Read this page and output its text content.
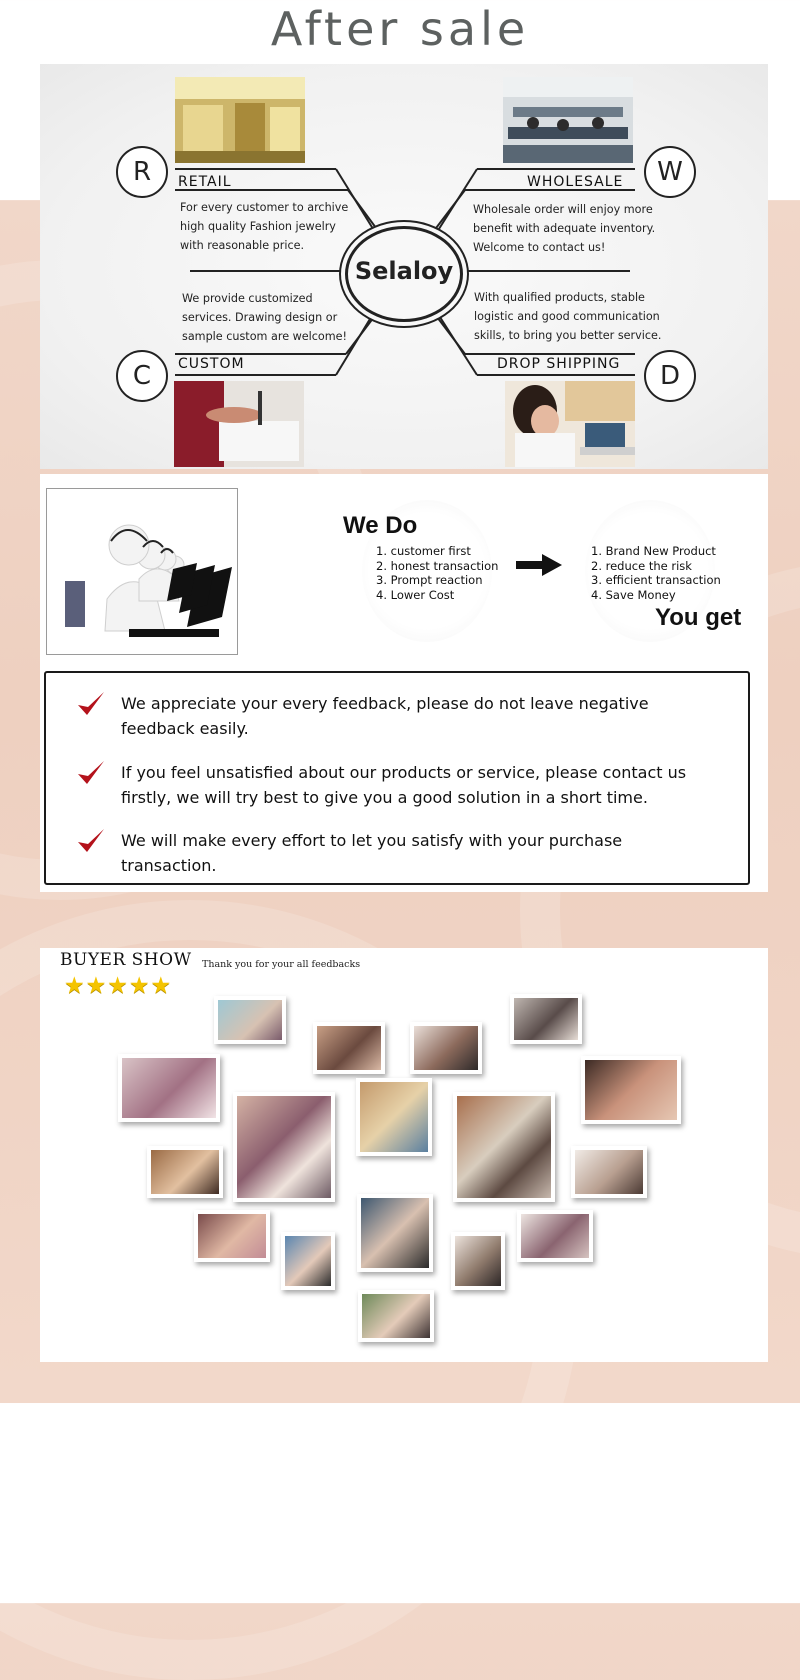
After sale
R	W
C	D
RETAIL	WHOLESALE
CUSTOM	DROP SHIPPING
For every customer to archive high quality Fashion jewelry with reasonable price.
Wholesale order will enjoy more benefit with adequate inventory. Welcome to contact us!
We provide customized services. Drawing design or sample custom are welcome!
With qualified products, stable logistic and good communication skills, to bring you better service.
Selaloy
We Do
1. customer first
2. honest transaction
3. Prompt reaction
4. Lower Cost
1. Brand New Product
2. reduce the risk
3. efficient transaction
4. Save Money
You get
We appreciate your every feedback, please do not leave negative feedback easily.
If you feel unsatisfied about our products or service, please contact us firstly, we will try best to give you a good solution in a short time.
We will make every effort to let you satisfy with your purchase transaction.
BUYER SHOW Thank you for your all feedbacks
★★★★★
